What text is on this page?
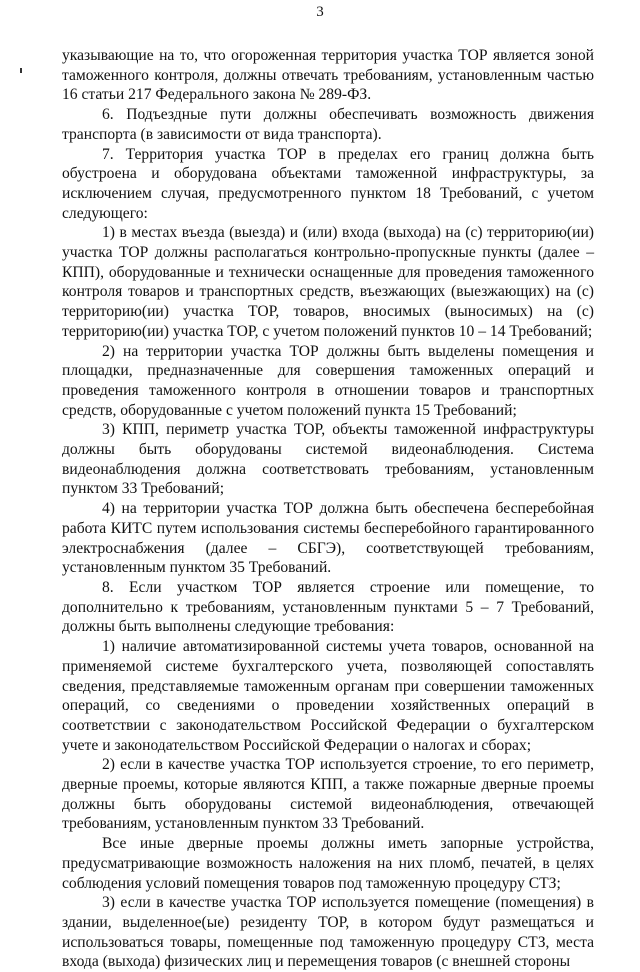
3

указывающие на то, что огороженная территория участка ТОР является зоной таможенного контроля, должны отвечать требованиям, установленным частью 16 статьи 217 Федерального закона № 289-ФЗ.

6. Подъездные пути должны обеспечивать возможность движения транспорта (в зависимости от вида транспорта).

7. Территория участка ТОР в пределах его границ должна быть обустроена и оборудована объектами таможенной инфраструктуры, за исключением случая, предусмотренного пунктом 18 Требований, с учетом следующего:

1) в местах въезда (выезда) и (или) входа (выхода) на (с) территорию(ии) участка ТОР должны располагаться контрольно-пропускные пункты (далее – КПП), оборудованные и технически оснащенные для проведения таможенного контроля товаров и транспортных средств, въезжающих (выезжающих) на (с) территорию(ии) участка ТОР, товаров, вносимых (выносимых) на (с) территорию(ии) участка ТОР, с учетом положений пунктов 10 – 14 Требований;

2) на территории участка ТОР должны быть выделены помещения и площадки, предназначенные для совершения таможенных операций и проведения таможенного контроля в отношении товаров и транспортных средств, оборудованные с учетом положений пункта 15 Требований;

3) КПП, периметр участка ТОР, объекты таможенной инфраструктуры должны быть оборудованы системой видеонаблюдения. Система видеонаблюдения должна соответствовать требованиям, установленным пунктом 33 Требований;

4) на территории участка ТОР должна быть обеспечена бесперебойная работа КИТС путем использования системы бесперебойного гарантированного электроснабжения (далее – СБГЭ), соответствующей требованиям, установленным пунктом 35 Требований.

8. Если участком ТОР является строение или помещение, то дополнительно к требованиям, установленным пунктами 5 – 7 Требований, должны быть выполнены следующие требования:

1) наличие автоматизированной системы учета товаров, основанной на применяемой системе бухгалтерского учета, позволяющей сопоставлять сведения, представляемые таможенным органам при совершении таможенных операций, со сведениями о проведении хозяйственных операций в соответствии с законодательством Российской Федерации о бухгалтерском учете и законодательством Российской Федерации о налогах и сборах;

2) если в качестве участка ТОР используется строение, то его периметр, дверные проемы, которые являются КПП, а также пожарные дверные проемы должны быть оборудованы системой видеонаблюдения, отвечающей требованиям, установленным пунктом 33 Требований.

Все иные дверные проемы должны иметь запорные устройства, предусматривающие возможность наложения на них пломб, печатей, в целях соблюдения условий помещения товаров под таможенную процедуру СТЗ;

3) если в качестве участка ТОР используется помещение (помещения) в здании, выделенное(ые) резиденту ТОР, в котором будут размещаться и использоваться товары, помещенные под таможенную процедуру СТЗ, места входа (выхода) физических лиц и перемещения товаров (с внешней стороны
